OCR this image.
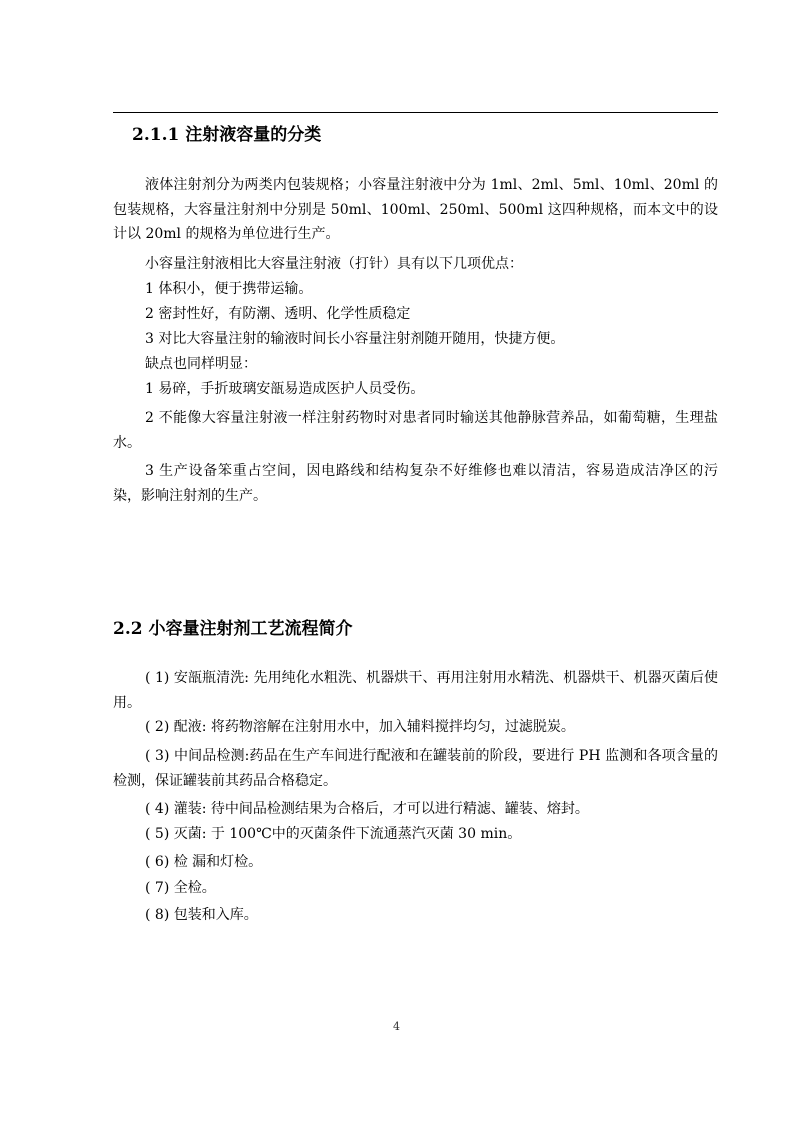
2.1.1 注射液容量的分类

液体注射剂分为两类内包装规格；小容量注射液中分为 1ml、2ml、5ml、10ml、20ml 的包装规格，大容量注射剂中分别是 50ml、100ml、250ml、500ml 这四种规格，而本文中的设计以 20ml 的规格为单位进行生产。

小容量注射液相比大容量注射液（打针）具有以下几项优点：

1 体积小，便于携带运输。

2 密封性好，有防潮、透明、化学性质稳定

3 对比大容量注射的输液时间长小容量注射剂随开随用，快捷方便。

缺点也同样明显：

1 易碎，手折玻璃安瓿易造成医护人员受伤。

2 不能像大容量注射液一样注射药物时对患者同时输送其他静脉营养品，如葡萄糖，生理盐水。

3 生产设备笨重占空间，因电路线和结构复杂不好维修也难以清洁，容易造成洁净区的污染，影响注射剂的生产。

2.2 小容量注射剂工艺流程简介

( 1) 安瓿瓶清洗: 先用纯化水粗洗、机器烘干、再用注射用水精洗、机器烘干、机器灭菌后使用。

( 2) 配液: 将药物溶解在注射用水中，加入辅料搅拌均匀，过滤脱炭。

( 3) 中间品检测:药品在生产车间进行配液和在罐装前的阶段，要进行 PH 监测和各项含量的检测，保证罐装前其药品合格稳定。

( 4) 灌装: 待中间品检测结果为合格后，才可以进行精滤、罐装、熔封。

( 5) 灭菌: 于 100℃中的灭菌条件下流通蒸汽灭菌 30 min。

( 6) 检 漏和灯检。

( 7) 全检。

( 8) 包装和入库。

4
